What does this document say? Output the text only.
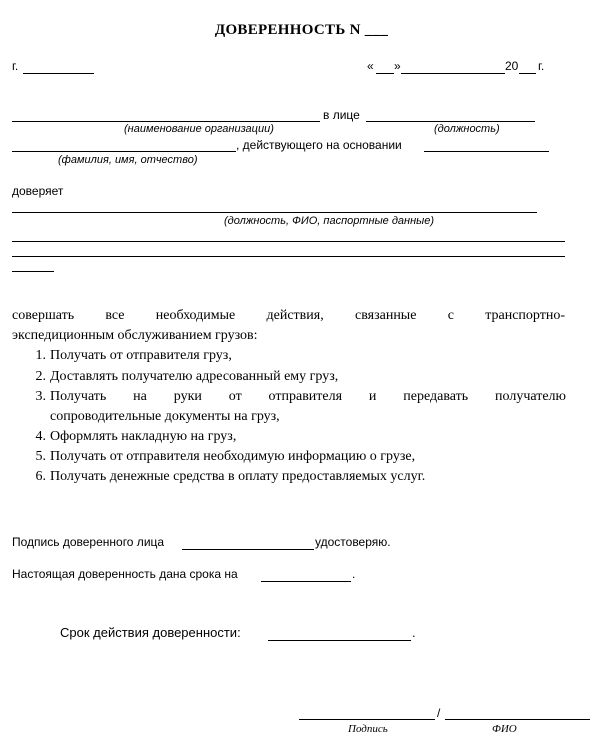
ДОВЕРЕННОСТЬ N ___
г.	« »	20 г.
в лице
(наименование организации)	(должность)
, действующего на основании
(фамилия, имя, отчество)
доверяет
(должность, ФИО, паспортные данные)
совершать все необходимые действия, связанные с транспортно-
экспедиционным обслуживанием грузов:
1. Получать от отправителя груз,
2. Доставлять получателю адресованный ему груз,
3. Получать на руки от отправителя и передавать получателю
сопроводительные документы на груз,
4. Оформлять накладную на груз,
5. Получать от отправителя необходимую информацию о грузе,
6. Получать денежные средства в оплату предоставляемых услуг.
Подпись доверенного лица	удостоверяю.
Настоящая доверенность дана срока на	.
Срок действия доверенности:	.
/
Подпись	ФИО
